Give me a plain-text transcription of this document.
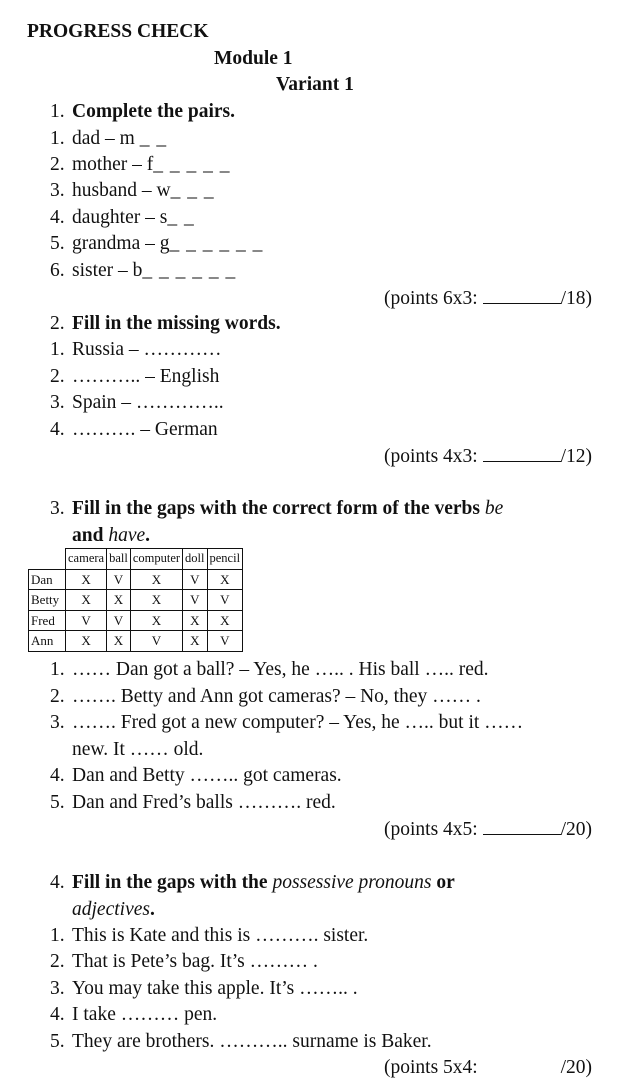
PROGRESS CHECK
Module 1
Variant 1
1. Complete the pairs.
1. dad – m _ _
2. mother – f_ _ _ _ _
3. husband – w_ _ _
4. daughter – s_ _
5. grandma – g_ _ _ _ _ _
6. sister – b_ _ _ _ _ _
(points 6x3:	/18)
2. Fill in the missing words.
1. Russia – …………
2. ……….. – English
3. Spain – …………..
4. ………. – German
(points 4x3:	/12)
3. Fill in the gaps with the correct form of the verbs be
and have.
	camera	ball	computer	doll	pencil
Dan	X	V	X	V	X
Betty	X	X	X	V	V
Fred	V	V	X	X	X
Ann	X	X	V	X	V
1. …… Dan got a ball? – Yes, he ….. . His ball ….. red.
2. ……. Betty and Ann got cameras? – No, they …… .
3. ……. Fred got a new computer? – Yes, he ….. but it ……
new. It …… old.
4. Dan and Betty …….. got cameras.
5. Dan and Fred’s balls ………. red.
(points 4x5:	/20)
4. Fill in the gaps with the possessive pronouns or
adjectives.
1. This is Kate and this is ………. sister.
2. That is Pete’s bag. It’s ……… .
3. You may take this apple. It’s …….. .
4. I take ……… pen.
5. They are brothers. ……….. surname is Baker.
(points 5x4:	/20)
